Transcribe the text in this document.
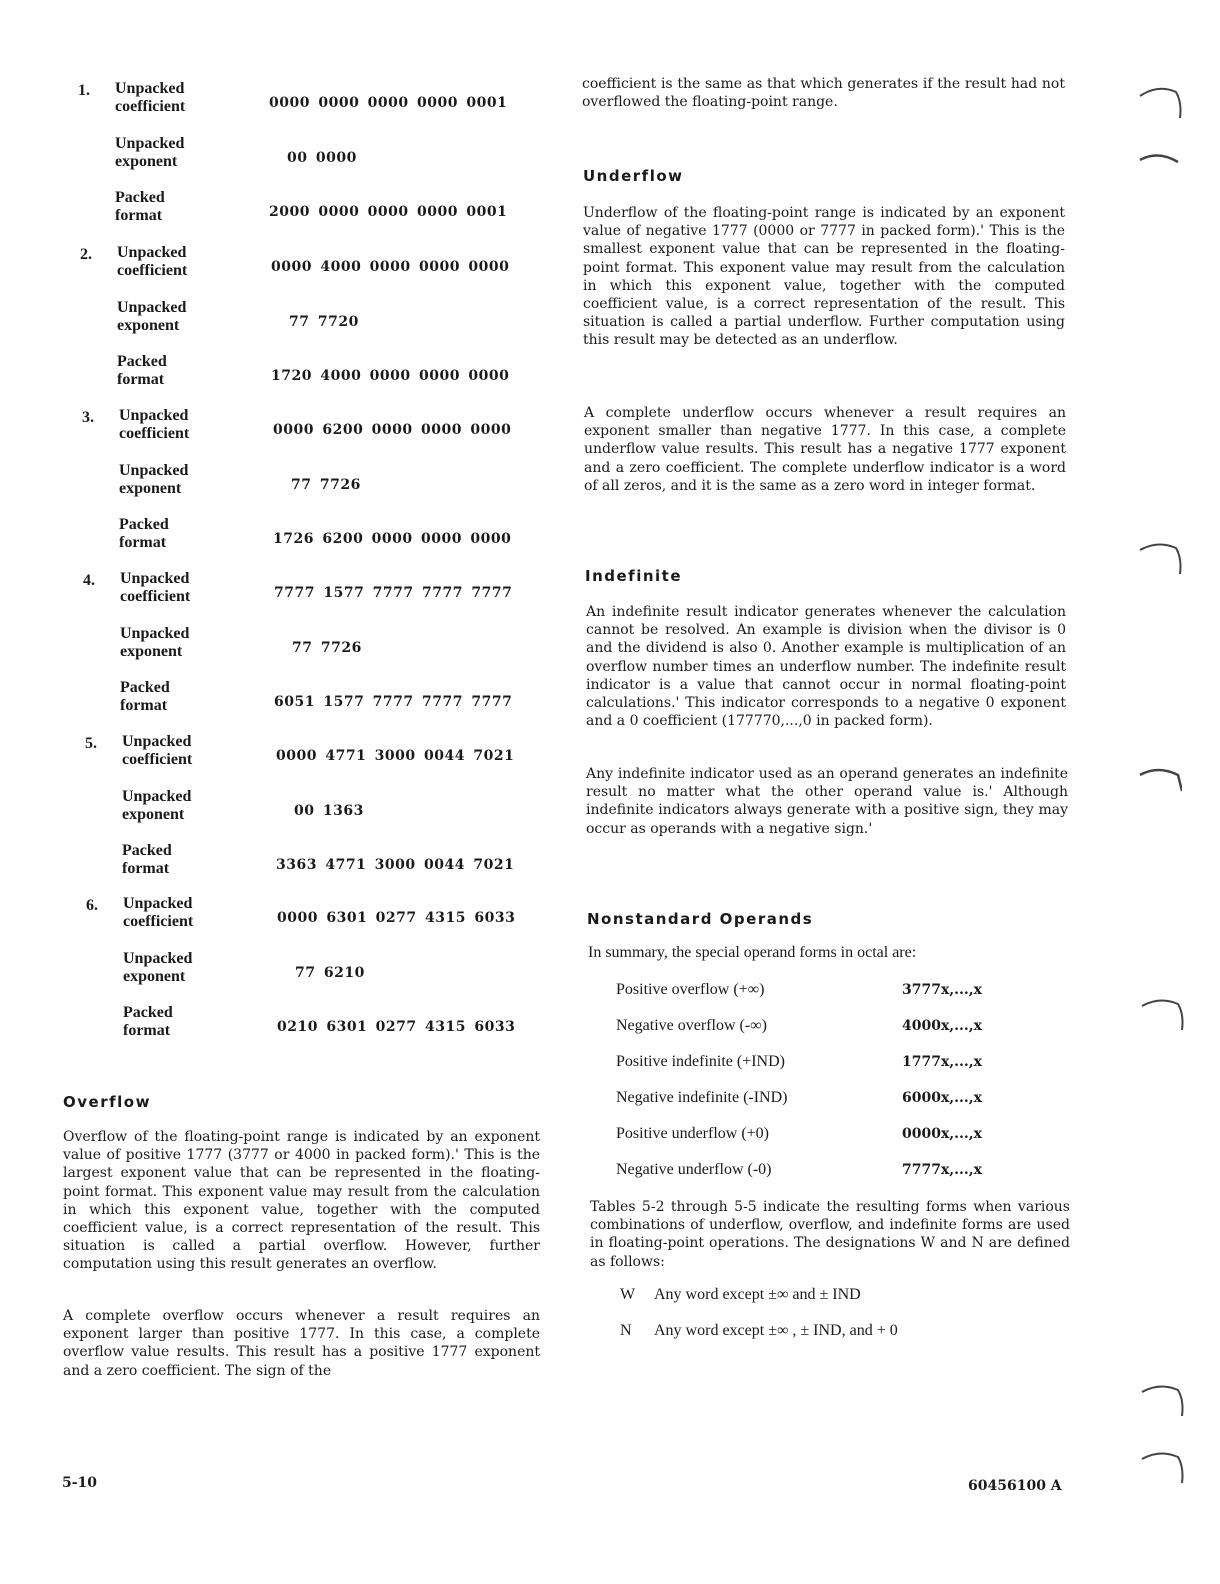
1. Unpacked
coefficient	0000 0000 0000 0000 0001
Unpacked
exponent	00 0000
Packed
format	2000 0000 0000 0000 0001
2. Unpacked
coefficient	0000 4000 0000 0000 0000
Unpacked
exponent	77 7720
Packed
format	1720 4000 0000 0000 0000
3. Unpacked
coefficient	0000 6200 0000 0000 0000
Unpacked
exponent	77 7726
Packed
format	1726 6200 0000 0000 0000
4. Unpacked
coefficient	7777 1577 7777 7777 7777
Unpacked
exponent	77 7726
Packed
format	6051 1577 7777 7777 7777
5. Unpacked
coefficient	0000 4771 3000 0044 7021
Unpacked
exponent	00 1363
Packed
format	3363 4771 3000 0044 7021
6. Unpacked
coefficient	0000 6301 0277 4315 6033
Unpacked
exponent	77 6210
Packed
format	0210 6301 0277 4315 6033
Overflow

Overflow of the floating-point range is indicated by an exponent value of positive 1777 (3777 or 4000 in packed form).' This is the largest exponent value that can be represented in the floating-point format. This exponent value may result from the calculation in which this exponent value, together with the computed coefficient value, is a correct representation of the result. This situation is called a partial overflow. However, further computation using this result generates an overflow.

A complete overflow occurs whenever a result requires an exponent larger than positive 1777. In this case, a complete overflow value results. This result has a positive 1777 exponent and a zero coefficient. The sign of the

coefficient is the same as that which generates if the result had not overflowed the floating-point range.

Underflow

Underflow of the floating-point range is indicated by an exponent value of negative 1777 (0000 or 7777 in packed form).' This is the smallest exponent value that can be represented in the floating-point format. This exponent value may result from the calculation in which this exponent value, together with the computed coefficient value, is a correct representation of the result. This situation is called a partial underflow. Further computation using this result may be detected as an underflow.

A complete underflow occurs whenever a result requires an exponent smaller than negative 1777. In this case, a complete underflow value results. This result has a negative 1777 exponent and a zero coefficient. The complete underflow indicator is a word of all zeros, and it is the same as a zero word in integer format.

Indefinite

An indefinite result indicator generates whenever the calculation cannot be resolved. An example is division when the divisor is 0 and the dividend is also 0. Another example is multiplication of an overflow number times an underflow number. The indefinite result indicator is a value that cannot occur in normal floating-point calculations.' This indicator corresponds to a negative 0 exponent and a 0 coefficient (177770,...,0 in packed form).

Any indefinite indicator used as an operand generates an indefinite result no matter what the other operand value is.' Although indefinite indicators always generate with a positive sign, they may occur as operands with a negative sign.'

Nonstandard Operands
In summary, the special operand forms in octal are:
Positive overflow (+∞)	3777x,...,x
Negative overflow (-∞)	4000x,...,x
Positive indefinite (+IND)	1777x,...,x
Negative indefinite (-IND)	6000x,...,x
Positive underflow (+0)	0000x,...,x
Negative underflow (-0)	7777x,...,x

Tables 5-2 through 5-5 indicate the resulting forms when various combinations of underflow, overflow, and indefinite forms are used in floating-point operations. The designations W and N are defined as follows:

W Any word except ±∞ and ± IND
N Any word except ±∞ , ± IND, and + 0
5-10	60456100 A
